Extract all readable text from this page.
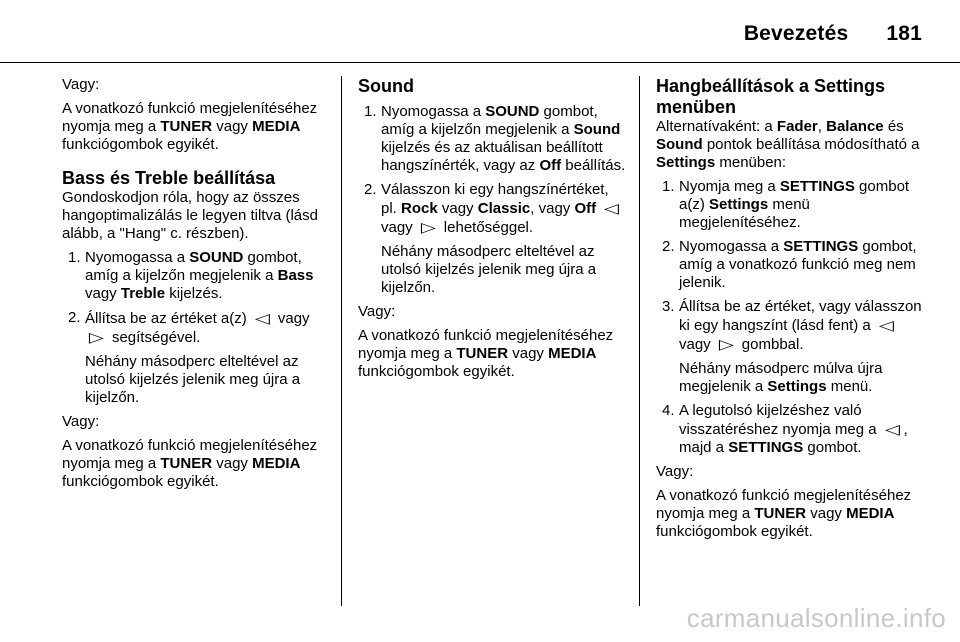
Bevezetés 181

Vagy:

A vonatkozó funkció megjelenítéséhez nyomja meg a TUNER vagy MEDIA funkciógombok egyikét.

Bass és Treble beállítása

Gondoskodjon róla, hogy az összes hangoptimalizálás le legyen tiltva (lásd alább, a "Hang" c. részben).

1. Nyomogassa a SOUND gombot, amíg a kijelzőn megjelenik a Bass vagy Treble kijelzés.
2. Állítsa be az értéket a(z) ◁ vagy ▷ segítségével.
Néhány másodperc elteltével az utolsó kijelzés jelenik meg újra a kijelzőn.

Vagy:

A vonatkozó funkció megjelenítéséhez nyomja meg a TUNER vagy MEDIA funkciógombok egyikét.

Sound
1. Nyomogassa a SOUND gombot, amíg a kijelzőn megjelenik a Sound kijelzés és az aktuálisan beállított hangszínérték, vagy az Off beállítás.
2. Válasszon ki egy hangszínértéket, pl. Rock vagy Classic, vagy Off ◁ vagy ▷ lehetőséggel.
Néhány másodperc elteltével az utolsó kijelzés jelenik meg újra a kijelzőn.

Vagy:

A vonatkozó funkció megjelenítéséhez nyomja meg a TUNER vagy MEDIA funkciógombok egyikét.

Hangbeállítások a Settings menüben

Alternatívaként: a Fader, Balance és Sound pontok beállítása módosítható a Settings menüben:

1. Nyomja meg a SETTINGS gombot a(z) Settings menü megjelenítéséhez.
2. Nyomogassa a SETTINGS gombot, amíg a vonatkozó funkció meg nem jelenik.
3. Állítsa be az értéket, vagy válasszon ki egy hangszínt (lásd fent) a ◁ vagy ▷ gombbal.
Néhány másodperc múlva újra megjelenik a Settings menü.
4. A legutolsó kijelzéshez való visszatéréshez nyomja meg a ◁ , majd a SETTINGS gombot.

Vagy:

A vonatkozó funkció megjelenítéséhez nyomja meg a TUNER vagy MEDIA funkciógombok egyikét.

carmanualsonline.info
